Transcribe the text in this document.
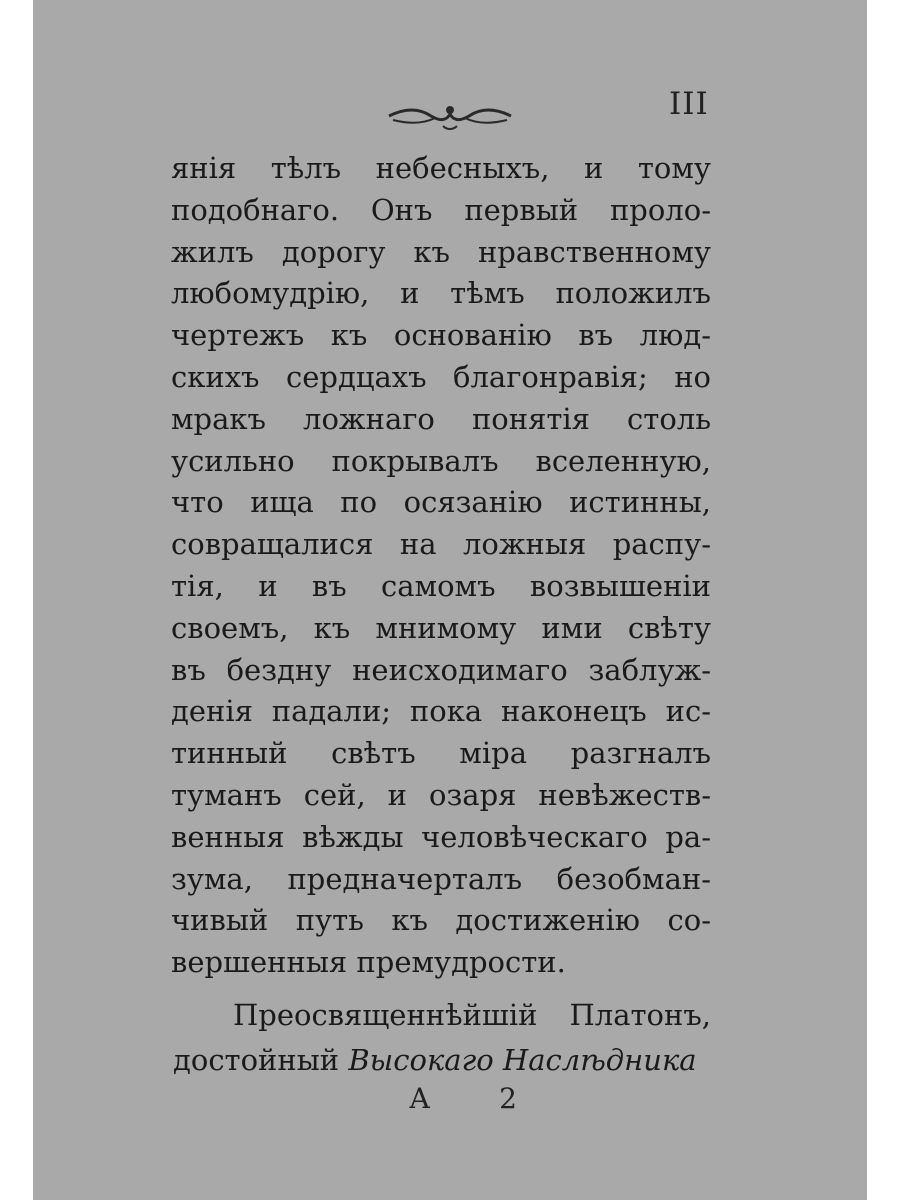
III
янія тѣлъ небесныхъ, и тому
подобнаго. Онъ первый проло-
жилъ дорогу къ нравственному
любомудрію, и тѣмъ положилъ
чертежъ къ основанію въ люд-
скихъ сердцахъ благонравія; но
мракъ ложнаго понятія столь
усильно покрывалъ вселенную,
что ища по осязанію истинны,
совращалися на ложныя распу-
тія, и въ самомъ возвышеніи
своемъ, къ мнимому ими свѣту
въ бездну неисходимаго заблуж-
денія падали; пока наконецъ ис-
тинный свѣтъ міра разгналъ
туманъ сей, и озаря невѣжеств-
венныя вѣжды человѣческаго ра-
зума, предначерталъ безобман-
чивый путь къ достиженію со-
вершенныя премудрости.
Преосвященнѣйшій Платонъ,
достойный Высокаго Наслѣдника
А 2
